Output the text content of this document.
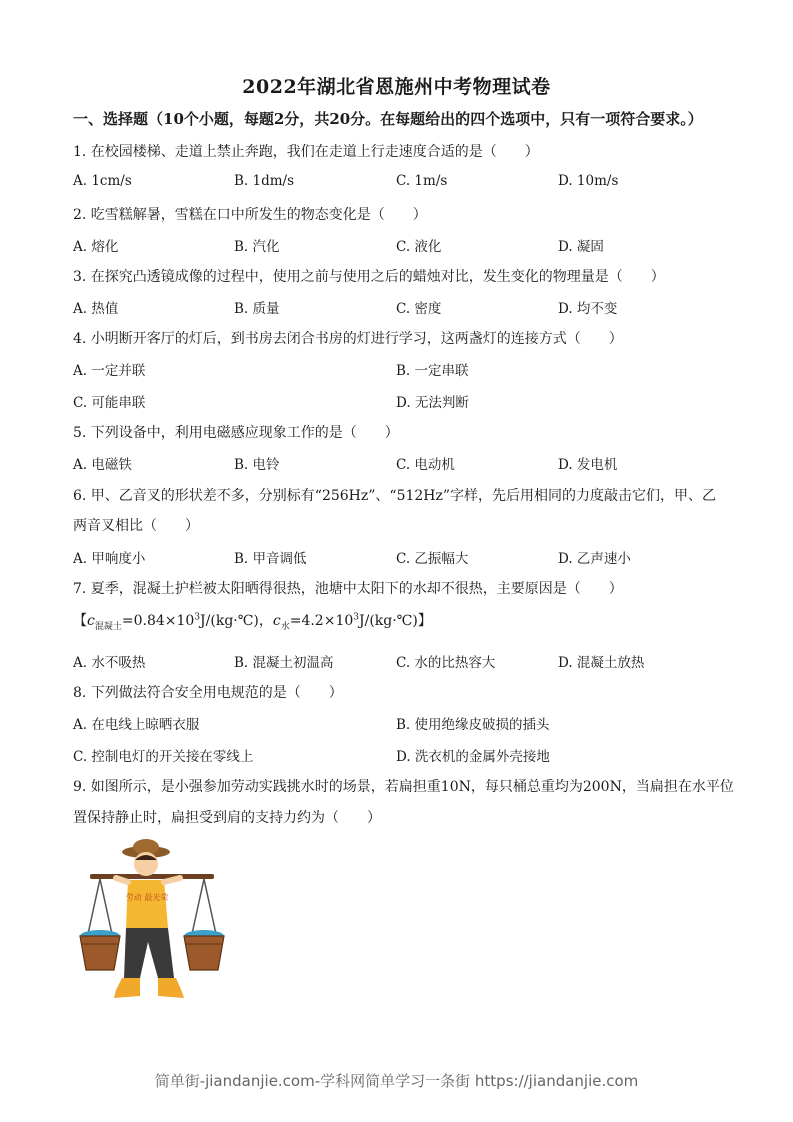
2022年湖北省恩施州中考物理试卷
一、选择题（10个小题，每题2分，共20分。在每题给出的四个选项中，只有一项符合要求。）
1. 在校园楼梯、走道上禁止奔跑，我们在走道上行走速度合适的是（　　）
A. 1cm/s	B. 1dm/s	C. 1m/s	D. 10m/s
2. 吃雪糕解暑，雪糕在口中所发生的物态变化是（　　）
A. 熔化	B. 汽化	C. 液化	D. 凝固
3. 在探究凸透镜成像的过程中，使用之前与使用之后的蜡烛对比，发生变化的物理量是（　　）
A. 热值	B. 质量	C. 密度	D. 均不变
4. 小明断开客厅的灯后，到书房去闭合书房的灯进行学习，这两盏灯的连接方式（　　）
A. 一定并联	B. 一定串联
C. 可能串联	D. 无法判断
5. 下列设备中，利用电磁感应现象工作的是（　　）
A. 电磁铁	B. 电铃	C. 电动机	D. 发电机
6. 甲、乙音叉的形状差不多，分别标有“256Hz”、“512Hz”字样，先后用相同的力度敲击它们，甲、乙
两音叉相比（　　）
A. 甲响度小	B. 甲音调低	C. 乙振幅大	D. 乙声速小
7. 夏季，混凝土护栏被太阳晒得很热，池塘中太阳下的水却不很热，主要原因是（　　）
【$c_{混凝土}=0.84\times 10^3J/(kg\cdot℃)$，$c_水=4.2\times 10^3J/(kg\cdot℃)$】
A. 水不吸热	B. 混凝土初温高	C. 水的比热容大	D. 混凝土放热
8. 下列做法符合安全用电规范的是（　　）
A. 在电线上晾晒衣服	B. 使用绝缘皮破损的插头
C. 控制电灯的开关接在零线上	D. 洗衣机的金属外壳接地
9. 如图所示，是小强参加劳动实践挑水时的场景，若扁担重10N，每只桶总重均为200N，当扁担在水平位
置保持静止时，扁担受到肩的支持力约为（　　）
劳动 最光荣
简单街-jiandanjie.com-学科网简单学习一条街 https://jiandanjie.com
